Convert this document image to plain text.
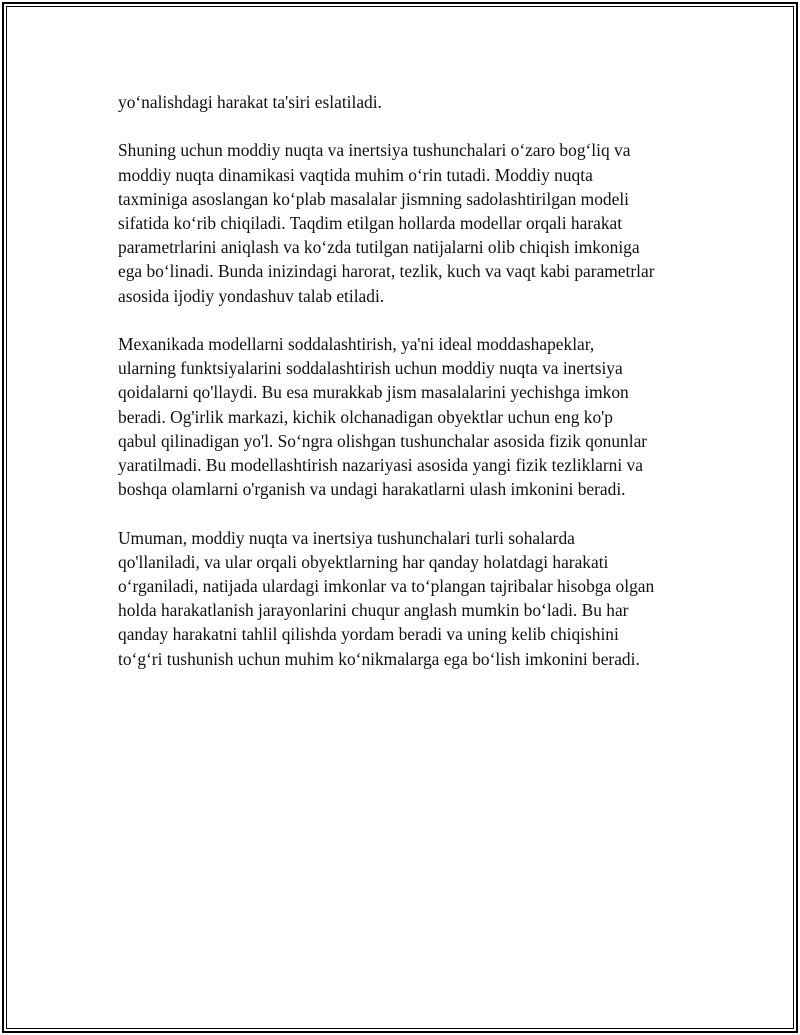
yo‘nalishdagi harakat ta'siri eslatiladi.

Shuning uchun moddiy nuqta va inertsiya tushunchalari o‘zaro bog‘liq va
moddiy nuqta dinamikasi vaqtida muhim o‘rin tutadi. Moddiy nuqta
taxminiga asoslangan ko‘plab masalalar jismning sadolashtirilgan modeli
sifatida ko‘rib chiqiladi. Taqdim etilgan hollarda modellar orqali harakat
parametrlarini aniqlash va ko‘zda tutilgan natijalarni olib chiqish imkoniga
ega bo‘linadi. Bunda inizindagi harorat, tezlik, kuch va vaqt kabi parametrlar
asosida ijodiy yondashuv talab etiladi.

Mexanikada modellarni soddalashtirish, ya'ni ideal moddashapeklar,
ularning funktsiyalarini soddalashtirish uchun moddiy nuqta va inertsiya
qoidalarni qo'llaydi. Bu esa murakkab jism masalalarini yechishga imkon
beradi. Og'irlik markazi, kichik olchanadigan obyektlar uchun eng ko'p
qabul qilinadigan yo'l. So‘ngra olishgan tushunchalar asosida fizik qonunlar
yaratilmadi. Bu modellashtirish nazariyasi asosida yangi fizik tezliklarni va
boshqa olamlarni o'rganish va undagi harakatlarni ulash imkonini beradi.

Umuman, moddiy nuqta va inertsiya tushunchalari turli sohalarda
qo'llaniladi, va ular orqali obyektlarning har qanday holatdagi harakati
o‘rganiladi, natijada ulardagi imkonlar va to‘plangan tajribalar hisobga olgan
holda harakatlanish jarayonlarini chuqur anglash mumkin bo‘ladi. Bu har
qanday harakatni tahlil qilishda yordam beradi va uning kelib chiqishini
to‘g‘ri tushunish uchun muhim ko‘nikmalarga ega bo‘lish imkonini beradi.
